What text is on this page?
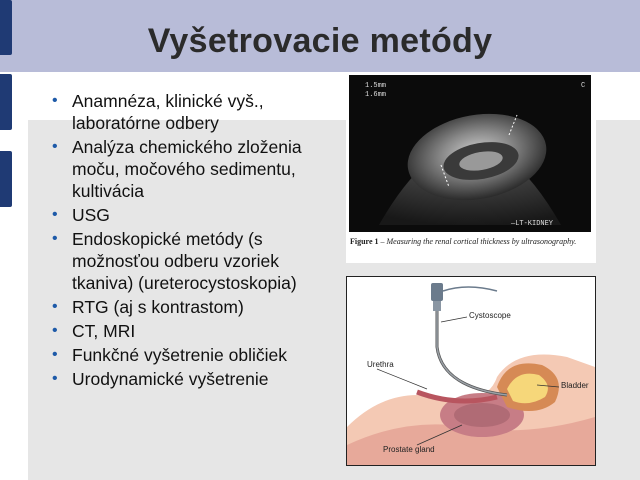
Vyšetrovacie metódy
• Anamnéza, klinické vyš., laboratórne odbery
• Analýza chemického zloženia moču, močového sedimentu, kultivácia
• USG
• Endoskopické metódy (s možnosťou odberu vzoriek tkaniva) (ureterocystoskopia)
• RTG (aj s kontrastom)
• CT, MRI
• Funkčné vyšetrenie obličiek
• Urodynamické vyšetrenie
1.5mm
1.6mm
C
—LT-KIDNEY
Figure 1 – Measuring the renal cortical thickness by ultrasonography.
Cystoscope
Urethra
Bladder
Prostate gland
